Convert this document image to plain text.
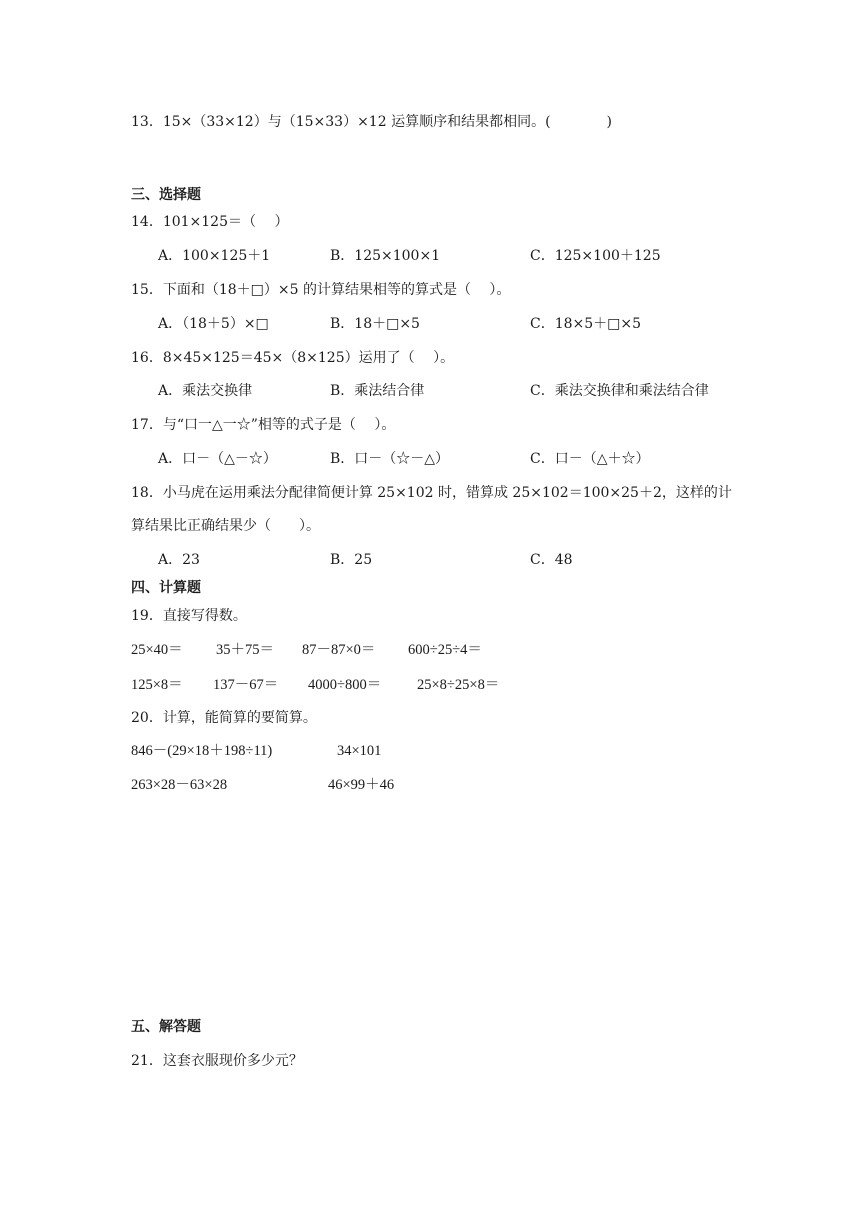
13．15×（33×12）与（15×33）×12 运算顺序和结果都相同。(　　　　)
三、选择题
14．101×125＝（　 ）
A．100×125＋1	B．125×100×1	C．125×100＋125
15．下面和（18＋□）×5 的计算结果相等的算式是（　 ）。
A．（18＋5）×□	B．18＋□×5	C．18×5＋□×5
16．8×45×125＝45×（8×125）运用了（　 ）。
A．乘法交换律	B．乘法结合律	C．乘法交换律和乘法结合律
17．与“口一△一☆”相等的式子是（　 ）。
A．口－（△－☆）	B．口－（☆－△）	C．口－（△＋☆）
18．小马虎在运用乘法分配律简便计算 25×102 时，错算成 25×102＝100×25＋2，这样的计
算结果比正确结果少（　　）。
A．23	B．25	C．48
四、计算题
19．直接写得数。
25×40＝ 35＋75＝ 87－87×0＝ 600÷25÷4＝
125×8＝ 137－67＝ 4000÷800＝ 25×8÷25×8＝
20．计算，能简算的要简算。
846－(29×18＋198÷11)	34×101
263×28－63×28	46×99＋46
五、解答题
21．这套衣服现价多少元？
